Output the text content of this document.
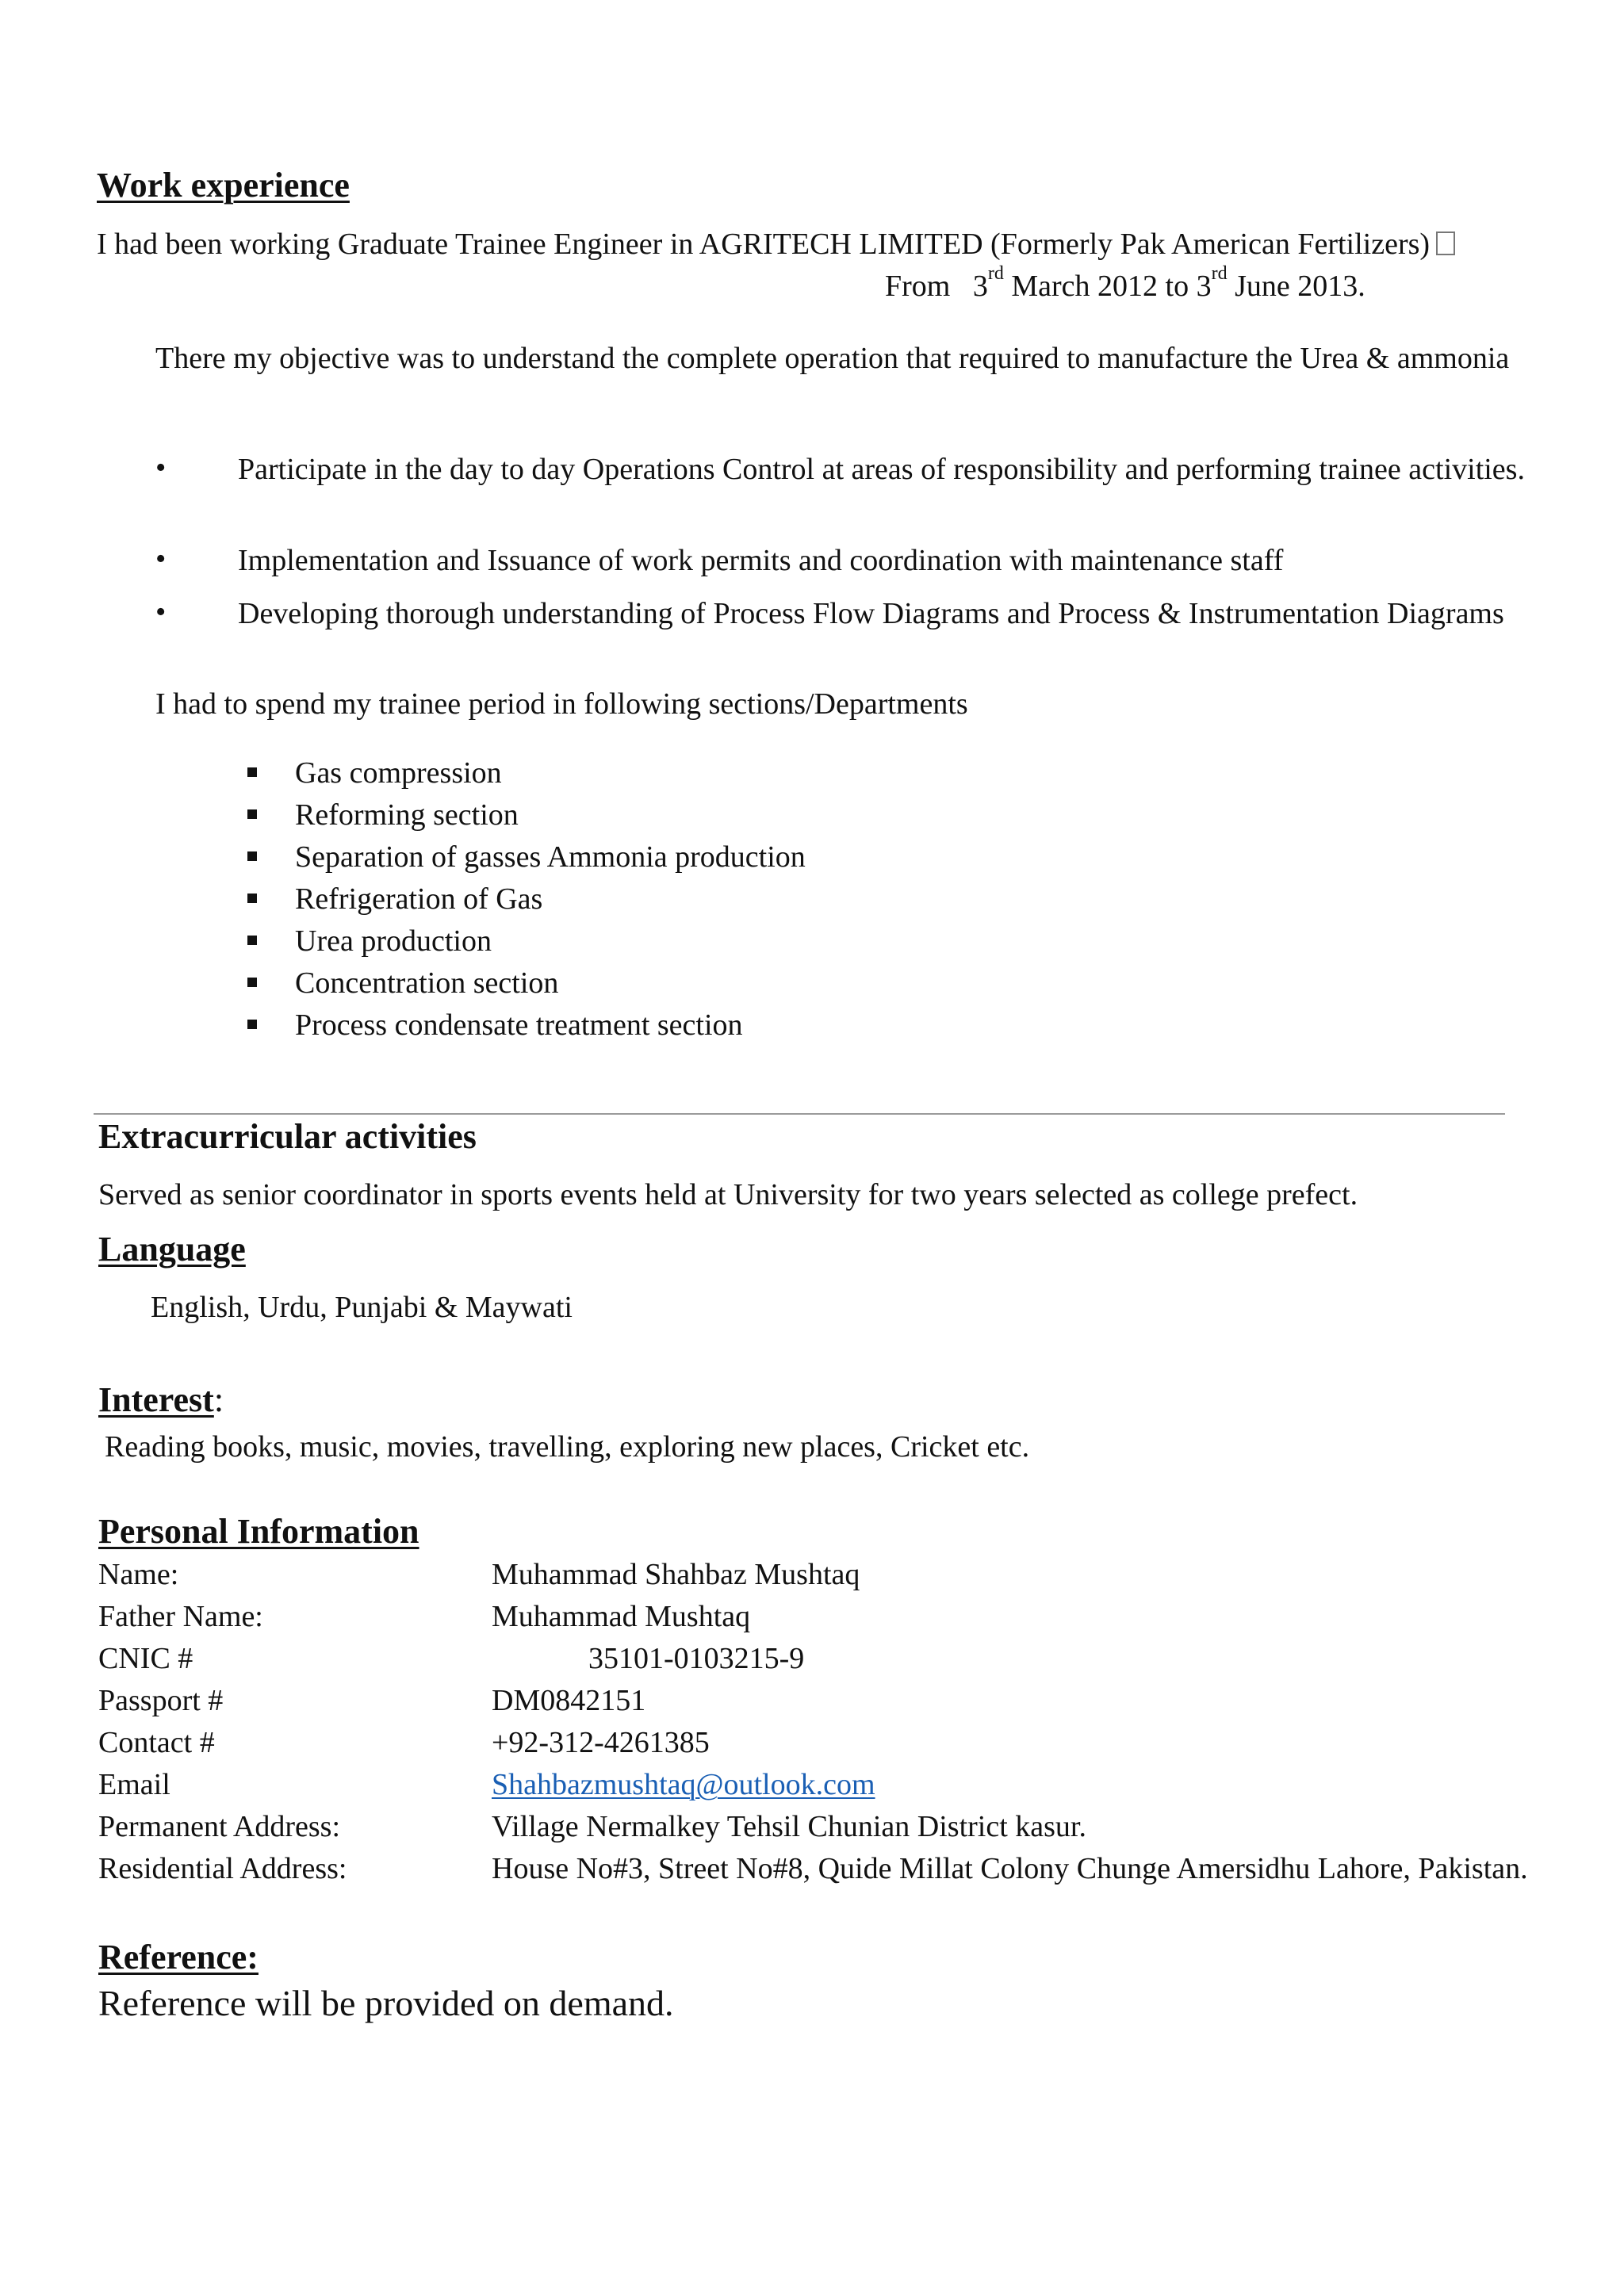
Work experience
I had been working Graduate Trainee Engineer in AGRITECH LIMITED (Formerly Pak American Fertilizers)
From 3rd March 2012 to 3rd June 2013.
There my objective was to understand the complete operation that required to manufacture the Urea & ammonia
• Participate in the day to day Operations Control at areas of responsibility and performing trainee activities.
• Implementation and Issuance of work permits and coordination with maintenance staff
• Developing thorough understanding of Process Flow Diagrams and Process & Instrumentation Diagrams
I had to spend my trainee period in following sections/Departments
Gas compression
Reforming section
Separation of gasses Ammonia production
Refrigeration of Gas
Urea production
Concentration section
Process condensate treatment section
Extracurricular activities
Served as senior coordinator in sports events held at University for two years selected as college prefect.
Language
English, Urdu, Punjabi & Maywati
Interest:
Reading books, music, movies, travelling, exploring new places, Cricket etc.
Personal Information
Name:	Muhammad Shahbaz Mushtaq
Father Name:	Muhammad Mushtaq
CNIC #	35101-0103215-9
Passport #	DM0842151
Contact #	+92-312-4261385
Email	Shahbazmushtaq@outlook.com
Permanent Address:	Village Nermalkey Tehsil Chunian District kasur.
Residential Address:	House No#3, Street No#8, Quide Millat Colony Chunge Amersidhu Lahore, Pakistan.
Reference:
Reference will be provided on demand.
